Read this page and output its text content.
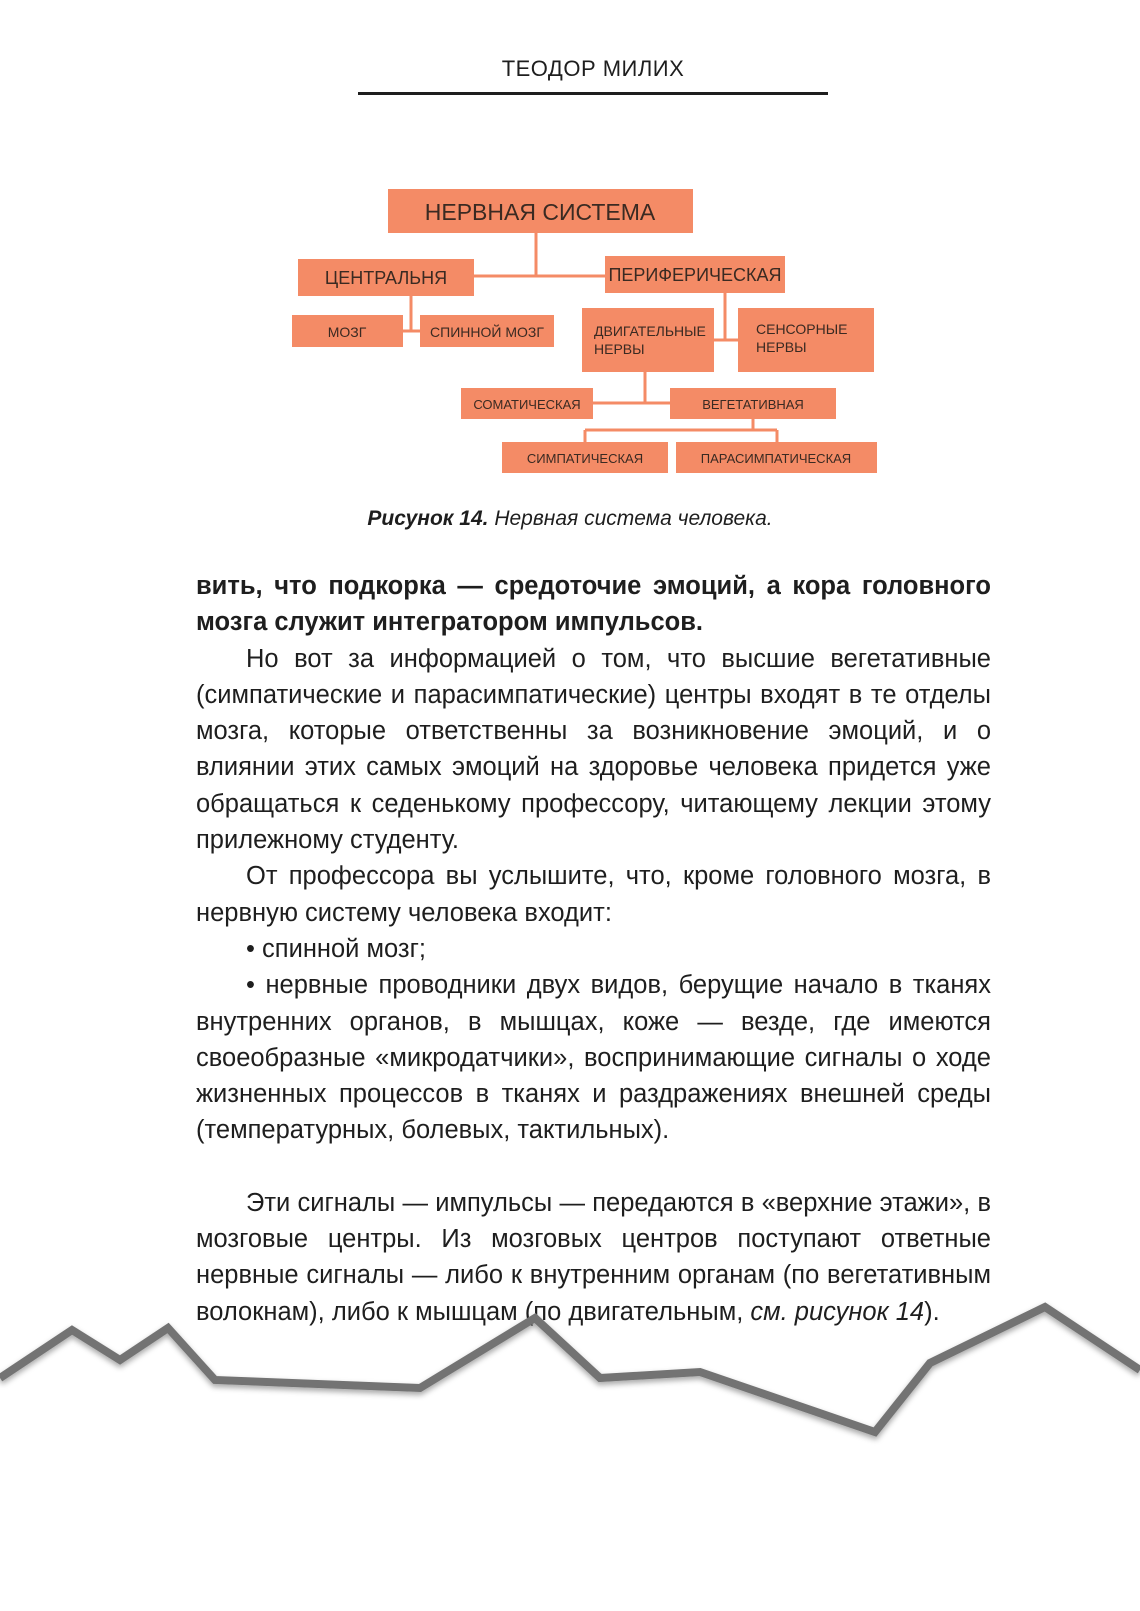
ТЕОДОР МИЛИХ
НЕРВНАЯ СИСТЕМА
ЦЕНТРАЛЬНЯ	ПЕРИФЕРИЧЕСКАЯ
МОЗГ	СПИННОЙ МОЗГ	ДВИГАТЕЛЬНЫЕ НЕРВЫ
СЕНСОРНЫЕ НЕРВЫ
СОМАТИЧЕСКАЯ	ВЕГЕТАТИВНАЯ
СИМПАТИЧЕСКАЯ	ПАРАСИМПАТИЧЕСКАЯ
Рисунок 14. Нервная система человека.

вить, что подкорка — средоточие эмоций, а кора головного мозга служит интегратором импульсов.

Но вот за информацией о том, что высшие вегетативные (симпатические и парасимпатические) центры входят в те отделы мозга, которые ответственны за возникновение эмоций, и о влиянии этих самых эмоций на здоровье человека придется уже обращаться к седенькому профессору, читающему лекции этому прилежному студенту.

От профессора вы услышите, что, кроме головного мозга, в нервную систему человека входит:

• спинной мозг;

• нервные проводники двух видов, берущие начало в тканях внутренних органов, в мышцах, коже — везде, где имеются своеобразные «микродатчики», воспринимающие сигналы о ходе жизненных процессов в тканях и раздражениях внешней среды (температурных, болевых, тактильных).

Эти сигналы — импульсы — передаются в «верхние этажи», в мозговые центры. Из мозговых центров поступают ответные нервные сигналы — либо к внутренним органам (по вегетативным волокнам), либо к мышцам (по двигательным, см. рисунок 14).
